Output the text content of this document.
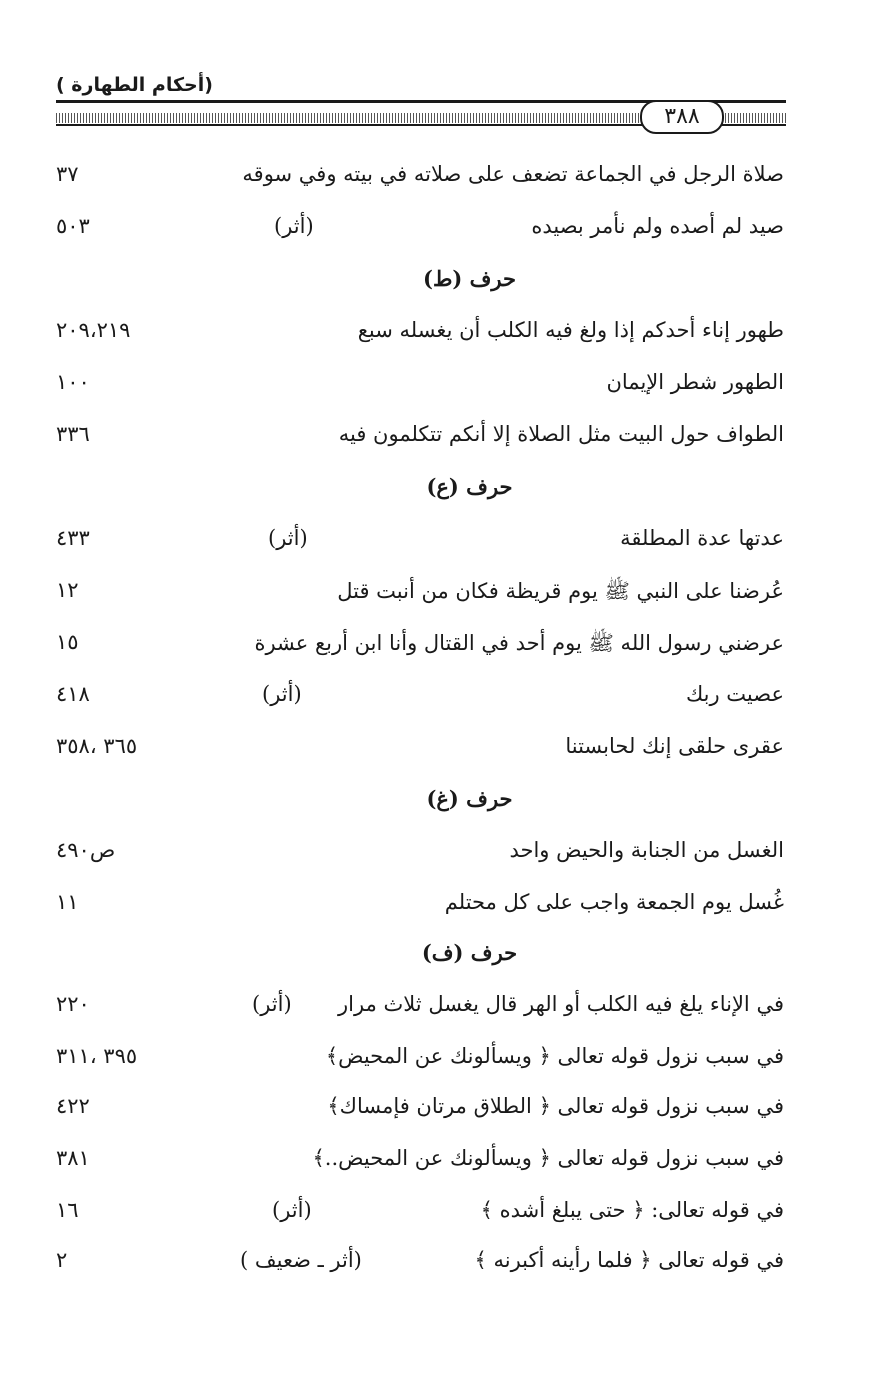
(أحكام الطهارة )
٣٨٨
صلاة الرجل في الجماعة تضعف على صلاته في بيته وفي سوقه
٣٧
صيد لم أصده ولم نأمر بصيده
(أثر)
٥٠٣
حرف (ط)
طهور إناء أحدكم إذا ولغ فيه الكلب أن يغسله سبع
٢٠٩،٢١٩
الطهور شطر الإيمان
١٠٠
الطواف حول البيت مثل الصلاة إلا أنكم تتكلمون فيه
٣٣٦
حرف (ع)
عدتها عدة المطلقة
(أثر)
٤٣٣
عُرضنا على النبي ﷺ يوم قريظة فكان من أنبت قتل
١٢
عرضني رسول الله ﷺ يوم أحد في القتال وأنا ابن أربع عشرة
١٥
عصيت ربك
(أثر)
٤١٨
عقرى حلقى إنك لحابستنا
٣٦٥ ،٣٥٨
حرف (غ)
الغسل من الجنابة والحيض واحد
ص٤٩٠
غُسل يوم الجمعة واجب على كل محتلم
١١
حرف (ف)
في الإناء يلغ فيه الكلب أو الهر قال يغسل ثلاث مرار
(أثر)
٢٢٠
في سبب نزول قوله تعالى ﴿ ويسألونك عن المحيض﴾
٣٩٥ ،٣١١
في سبب نزول قوله تعالى ﴿ الطلاق مرتان فإمساك﴾
٤٢٢
في سبب نزول قوله تعالى ﴿ ويسألونك عن المحيض..﴾
٣٨١
في قوله تعالى: ﴿ حتى يبلغ أشده ﴾
(أثر)
١٦
في قوله تعالى ﴿ فلما رأينه أكبرنه ﴾
(أثر ـ ضعيف )
٢
